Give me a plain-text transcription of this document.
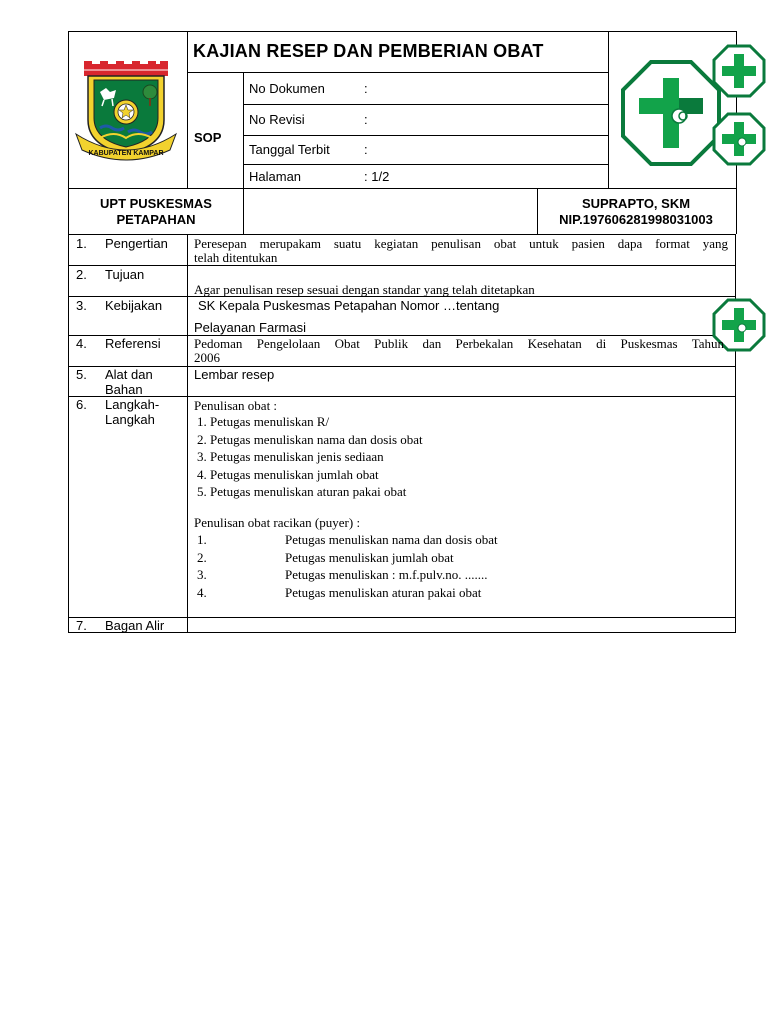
KABUPATEN KAMPAR
KAJIAN RESEP DAN PEMBERIAN OBAT
SOP
No Dokumen	:
No Revisi	:
Tanggal Terbit	:
Halaman	: 1/2
UPT PUSKESMAS
PETAPAHAN
SUPRAPTO, SKM
NIP.197606281998031003
1. Pengertian Peresepan merupakam suatu kegiatan penulisan obat untuk pasien dapa format yang
telah ditentukan
2. Tujuan
Agar penulisan resep sesuai dengan standar yang telah ditetapkan
3. Kebijakan	SK Kepala Puskesmas Petapahan Nomor …tentang
Pelayanan Farmasi
4. Referensi	Pedoman Pengelolaan Obat Publik dan Perbekalan Kesehatan di Puskesmas Tahun
2006
5. Alat dan
Bahan
Lembar resep
6. Langkah-
Langkah
Penulisan obat :
1. Petugas menuliskan R/
2. Petugas menuliskan nama dan dosis obat
3. Petugas menuliskan jenis sediaan
4. Petugas menuliskan jumlah obat
5. Petugas menuliskan aturan pakai obat
Penulisan obat racikan (puyer) :
1.	Petugas menuliskan nama dan dosis obat
2.	Petugas menuliskan jumlah obat
3.	Petugas menuliskan : m.f.pulv.no. .......
4.	Petugas menuliskan aturan pakai obat
7. Bagan Alir
